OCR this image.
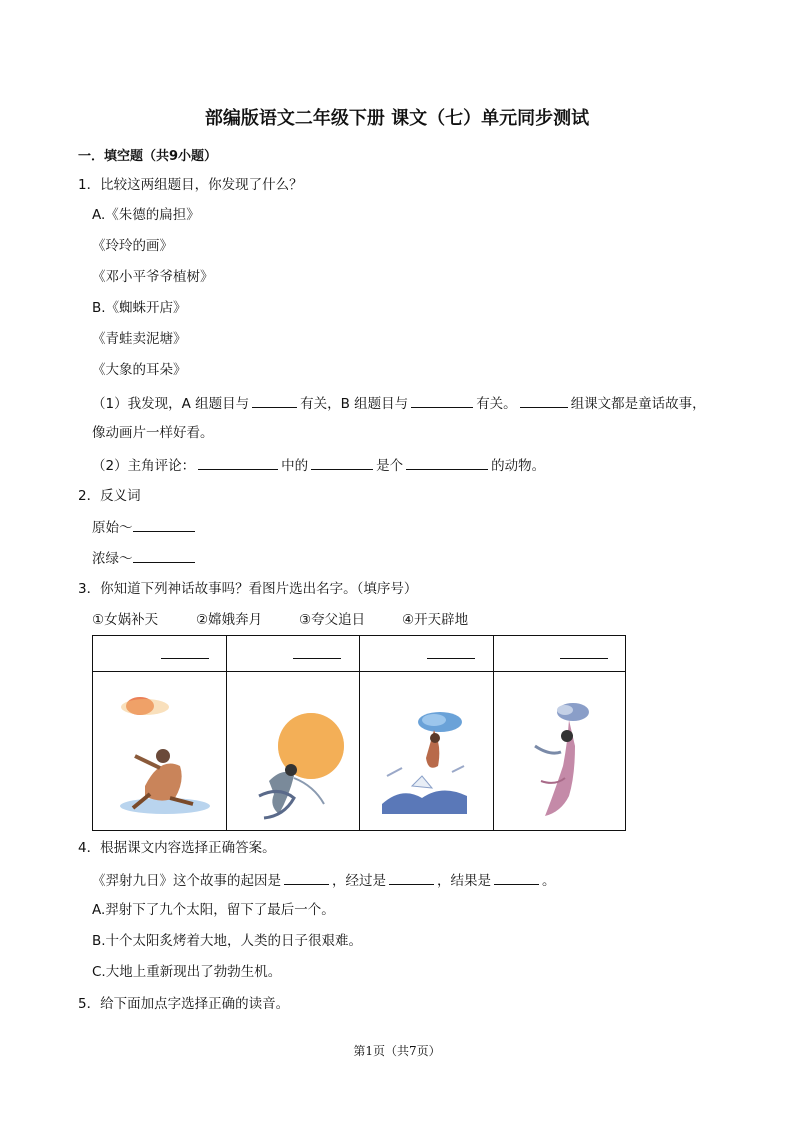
部编版语文二年级下册 课文（七）单元同步测试
一．填空题（共9小题）
1．比较这两组题目，你发现了什么？
A.《朱德的扁担》
《玲玲的画》
《邓小平爷爷植树》
B.《蜘蛛开店》
《青蛙卖泥塘》
《大象的耳朵》
（1）我发现，A 组题目与	有关，B 组题目与	有关。	组课文都是童话故事，
像动画片一样好看。
（2）主角评论：	中的	是个	的动物。
2．反义词
原始～
浓绿～
3．你知道下列神话故事吗？看图片选出名字。（填序号）
①女娲补天	②嫦娥奔月	③夸父追日	④开天辟地
4．根据课文内容选择正确答案。
《羿射九日》这个故事的起因是	，经过是	，结果是	。
A.羿射下了九个太阳，留下了最后一个。
B.十个太阳炙烤着大地，人类的日子很艰难。
C.大地上重新现出了勃勃生机。
5．给下面加点字选择正确的读音。
第1页（共7页）
